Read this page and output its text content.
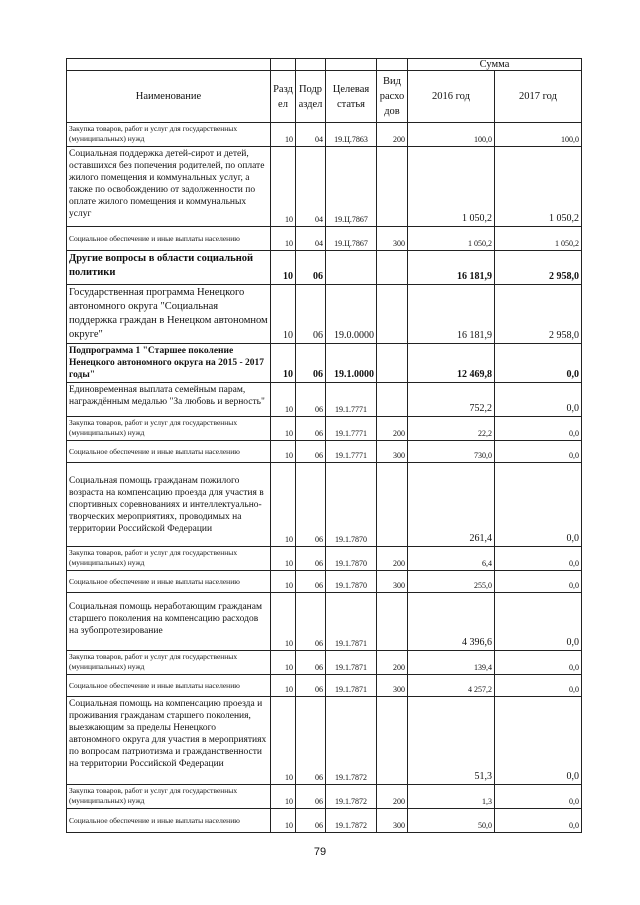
					Сумма	
Наименование	Разд ел	Подр аздел	Целевая статья	Вид расхо дов	2016 год	2017 год
Закупка товаров, работ и услуг для государственных (муниципальных) нужд	10	04	19.Ц.7863	200	100,0	100,0
Социальная поддержка детей-сирот и детей, оставшихся без попечения родителей, по оплате жилого помещения и коммунальных услуг, а также по освобождению от задолженности по оплате жилого помещения и коммунальных услуг	10	04	19.Ц.7867		1 050,2	1 050,2
Социальное обеспечение и иные выплаты населению	10	04	19.Ц.7867	300	1 050,2	1 050,2
Другие вопросы в области социальной политики	10	06			16 181,9	2 958,0
Государственная программа Ненецкого автономного округа "Социальная поддержка граждан в Ненецком автономном округе"	10	06	19.0.0000		16 181,9	2 958,0
Подпрограмма 1 "Старшее поколение Ненецкого автономного округа на 2015 - 2017 годы"	10	06	19.1.0000		12 469,8	0,0
Единовременная выплата семейным парам, награждённым медалью "За любовь и верность"	10	06	19.1.7771		752,2	0,0
Закупка товаров, работ и услуг для государственных (муниципальных) нужд	10	06	19.1.7771	200	22,2	0,0
Социальное обеспечение и иные выплаты населению	10	06	19.1.7771	300	730,0	0,0
Социальная помощь гражданам пожилого возраста на компенсацию проезда для участия в спортивных соревнованиях и интеллектуально-творческих мероприятиях, проводимых на территории Российской Федерации	10	06	19.1.7870		261,4	0,0
Закупка товаров, работ и услуг для государственных (муниципальных) нужд	10	06	19.1.7870	200	6,4	0,0
Социальное обеспечение и иные выплаты населению	10	06	19.1.7870	300	255,0	0,0
Социальная помощь неработающим гражданам старшего поколения на компенсацию расходов на зубопротезирование	10	06	19.1.7871		4 396,6	0,0
Закупка товаров, работ и услуг для государственных (муниципальных) нужд	10	06	19.1.7871	200	139,4	0,0
Социальное обеспечение и иные выплаты населению	10	06	19.1.7871	300	4 257,2	0,0
Социальная помощь на компенсацию проезда и проживания гражданам старшего поколения, выезжающим за пределы Ненецкого автономного округа для участия в мероприятиях по вопросам патриотизма и гражданственности на территории Российской Федерации	10	06	19.1.7872		51,3	0,0
Закупка товаров, работ и услуг для государственных (муниципальных) нужд	10	06	19.1.7872	200	1,3	0,0
Социальное обеспечение и иные выплаты населению	10	06	19.1.7872	300	50,0	0,0
79
